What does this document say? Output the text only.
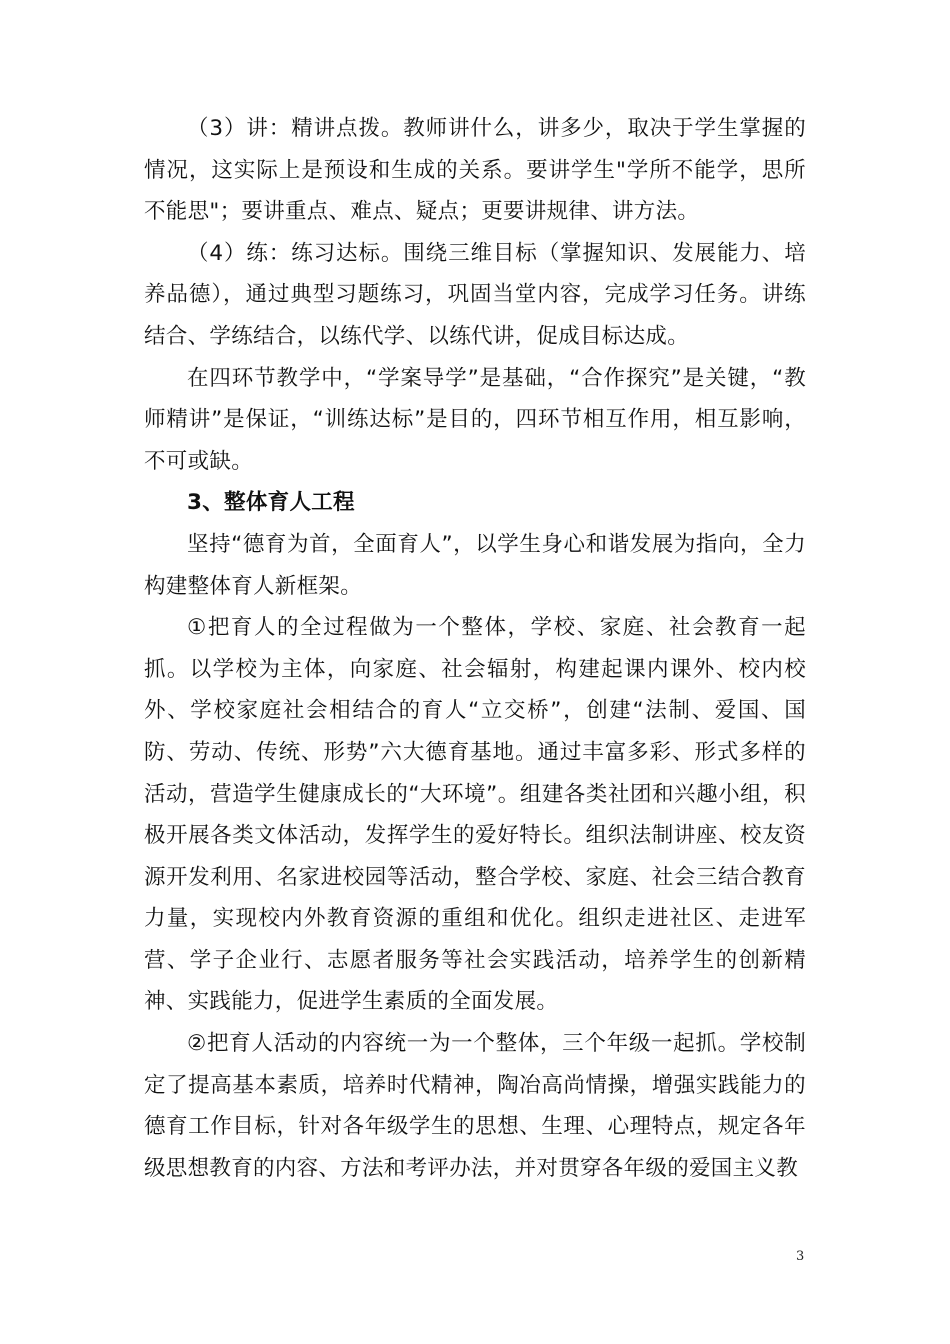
（3）讲：精讲点拨。教师讲什么，讲多少，取决于学生掌握的情况，这实际上是预设和生成的关系。要讲学生"学所不能学，思所不能思"；要讲重点、难点、疑点；更要讲规律、讲方法。

（4）练：练习达标。围绕三维目标（掌握知识、发展能力、培养品德），通过典型习题练习，巩固当堂内容，完成学习任务。讲练结合、学练结合，以练代学、以练代讲，促成目标达成。

在四环节教学中，“学案导学”是基础，“合作探究”是关键，“教师精讲”是保证，“训练达标”是目的，四环节相互作用，相互影响，不可或缺。

3、整体育人工程

坚持“德育为首，全面育人”，以学生身心和谐发展为指向，全力构建整体育人新框架。

①把育人的全过程做为一个整体，学校、家庭、社会教育一起抓。以学校为主体，向家庭、社会辐射，构建起课内课外、校内校外、学校家庭社会相结合的育人“立交桥”，创建“法制、爱国、国防、劳动、传统、形势”六大德育基地。通过丰富多彩、形式多样的活动，营造学生健康成长的“大环境”。组建各类社团和兴趣小组，积极开展各类文体活动，发挥学生的爱好特长。组织法制讲座、校友资源开发利用、名家进校园等活动，整合学校、家庭、社会三结合教育力量，实现校内外教育资源的重组和优化。组织走进社区、走进军营、学子企业行、志愿者服务等社会实践活动，培养学生的创新精神、实践能力，促进学生素质的全面发展。

②把育人活动的内容统一为一个整体，三个年级一起抓。学校制定了提高基本素质，培养时代精神，陶冶高尚情操，增强实践能力的德育工作目标，针对各年级学生的思想、生理、心理特点，规定各年级思想教育的内容、方法和考评办法，并对贯穿各年级的爱国主义教

3
